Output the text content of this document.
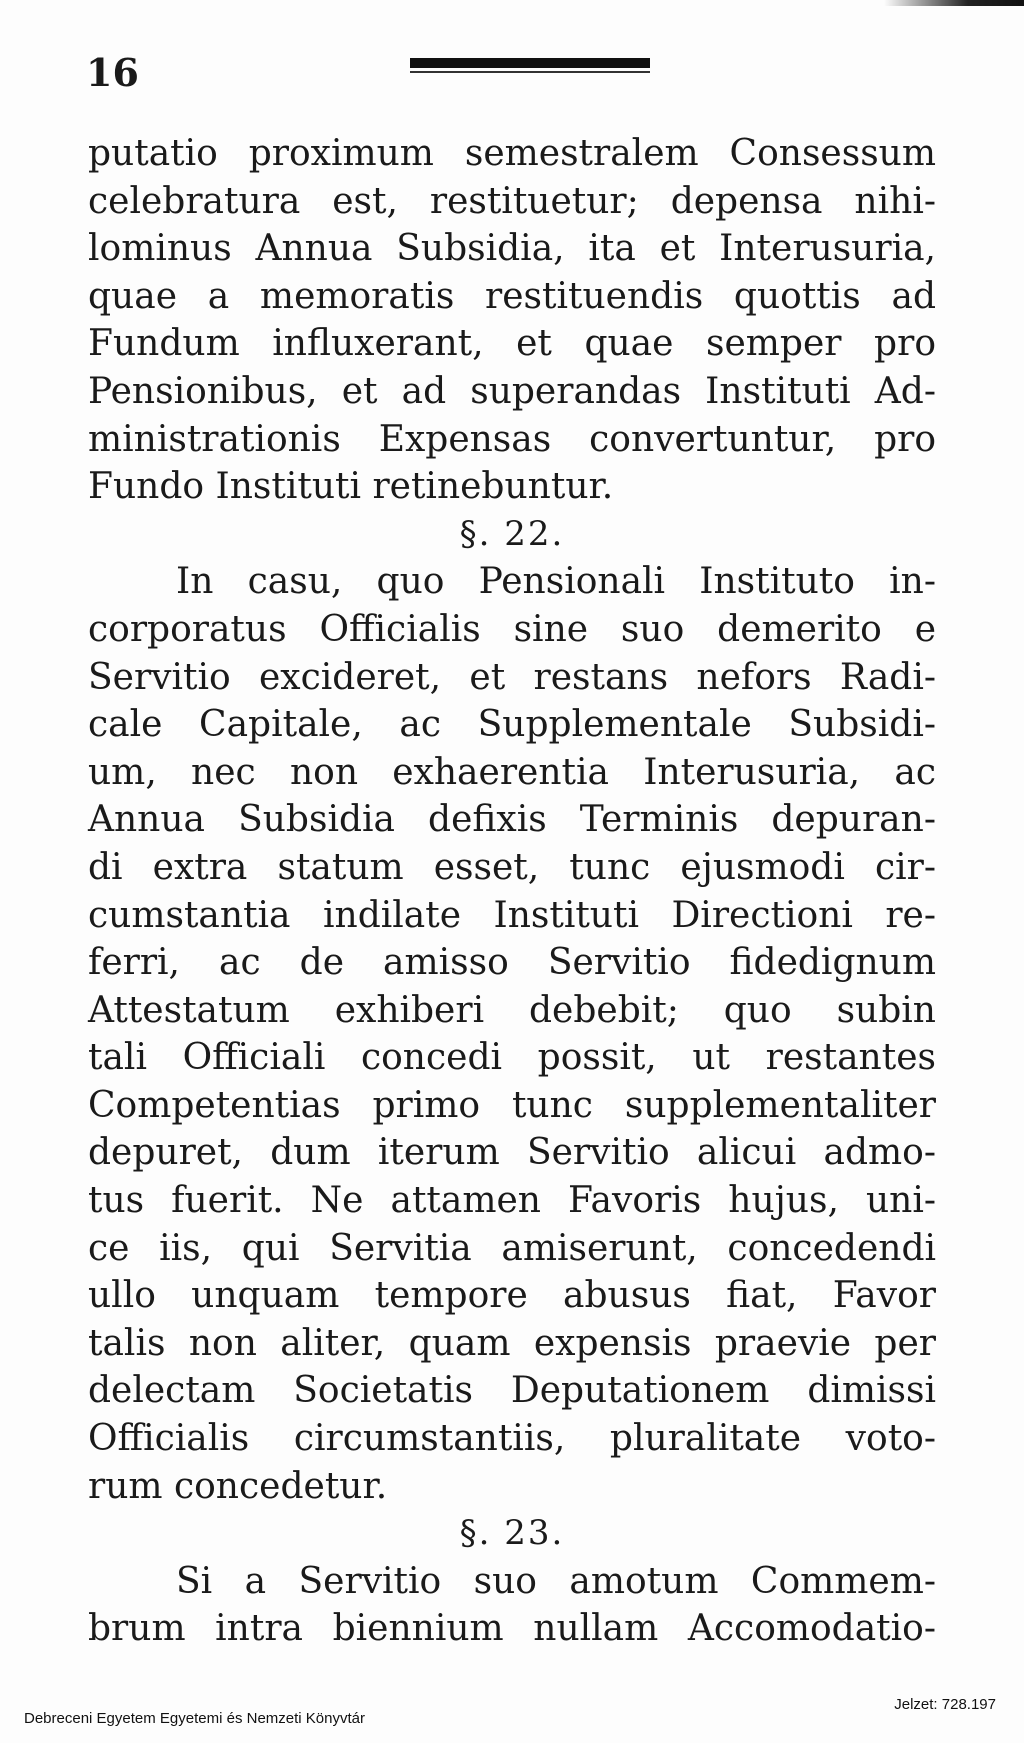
16
putatio proximum semestralem Consessum
celebratura est, restituetur; depensa nihi-
lominus Annua Subsidia, ita et Interusuria,
quae a memoratis restituendis quottis ad
Fundum influxerant, et quae semper pro
Pensionibus, et ad superandas Instituti Ad-
ministrationis Expensas convertuntur, pro
Fundo Instituti retinebuntur.
§. 22.
In casu, quo Pensionali Instituto in-
corporatus Officialis sine suo demerito e
Servitio excideret, et restans nefors Radi-
cale Capitale, ac Supplementale Subsidi-
um, nec non exhaerentia Interusuria, ac
Annua Subsidia defixis Terminis depuran-
di extra statum esset, tunc ejusmodi cir-
cumstantia indilate Instituti Directioni re-
ferri, ac de amisso Servitio fidedignum
Attestatum exhiberi debebit; quo subin
tali Officiali concedi possit, ut restantes
Competentias primo tunc supplementaliter
depuret, dum iterum Servitio alicui admo-
tus fuerit. Ne attamen Favoris hujus, uni-
ce iis, qui Servitia amiserunt, concedendi
ullo unquam tempore abusus fiat, Favor
talis non aliter, quam expensis praevie per
delectam Societatis Deputationem dimissi
Officialis circumstantiis, pluralitate voto-
rum concedetur.
§. 23.
Si a Servitio suo amotum Commem-
brum intra biennium nullam Accomodatio-
Debreceni Egyetem Egyetemi és Nemzeti Könyvtár
Jelzet: 728.197
